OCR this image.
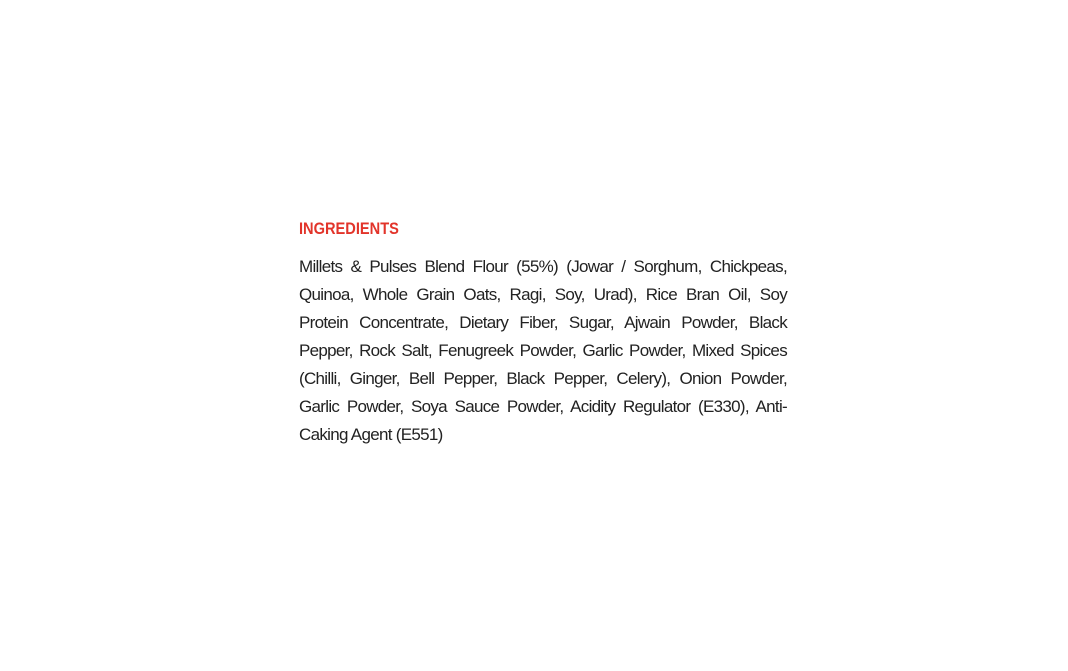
INGREDIENTS

Millets & Pulses Blend Flour (55%) (Jowar / Sorghum, Chickpeas, Quinoa, Whole Grain Oats, Ragi, Soy, Urad), Rice Bran Oil, Soy Protein Concentrate, Dietary Fiber, Sugar, Ajwain Powder, Black Pepper, Rock Salt, Fenugreek Powder, Garlic Powder, Mixed Spices (Chilli, Ginger, Bell Pepper, Black Pepper, Celery), Onion Powder, Garlic Powder, Soya Sauce Powder, Acidity Regulator (E330), Anti-Caking Agent (E551)
